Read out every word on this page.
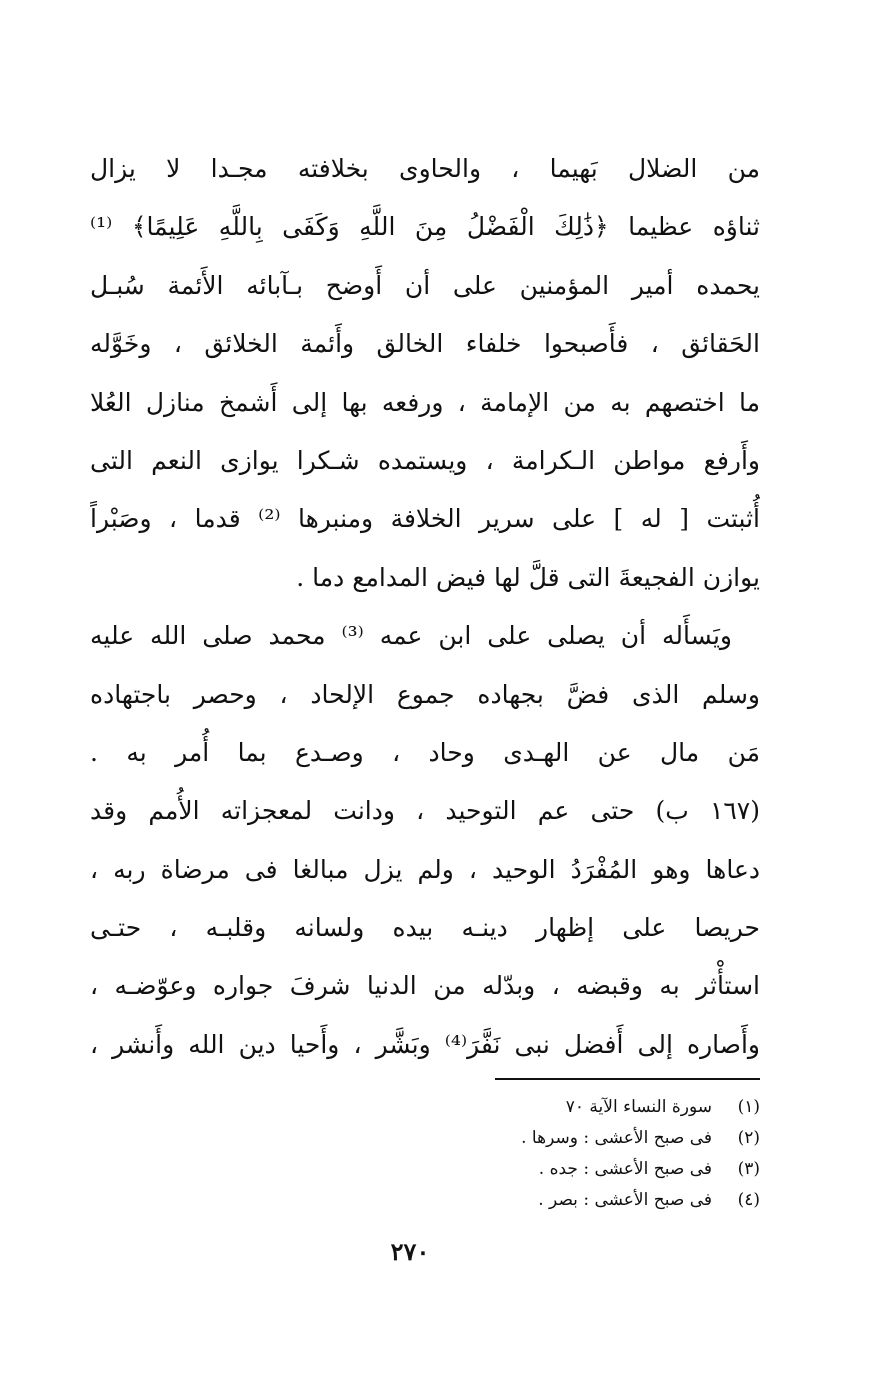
من الضلال بَهيما ، والحاوى بخلافته مجـدا لا يزال
ثناؤه عظيما ﴿ذَٰلِكَ الْفَضْلُ مِنَ اللَّهِ وَكَفَى بِاللَّهِ عَلِيمًا﴾ ⁽¹⁾
يحمده أمير المؤمنين على أن أَوضح بـآبائه الأَئمة سُبـل
الحَقائق ، فأَصبحوا خلفاء الخالق وأَئمة الخلائق ، وخَوَّله
ما اختصهم به من الإمامة ، ورفعه بها إلى أَشمخ منازل العُلا
وأَرفع مواطن الـكرامة ، ويستمده شـكرا يوازى النعم التى
أُثبتت [ له ] على سرير الخلافة ومنبرها ⁽²⁾ قدما ، وصَبْراً
يوازن الفجيعةَ التى قلَّ لها فيض المدامع دما .
ويَسأَله أن يصلى على ابن عمه ⁽³⁾ محمد صلى الله عليه
وسلم الذى فضَّ بجهاده جموع الإلحاد ، وحصر باجتهاده
مَن مال عن الهـدى وحاد ، وصـدع بما أُمر به .
(١٦٧ ب) حتى عم التوحيد ، ودانت لمعجزاته الأُمم وقد
دعاها وهو المُفْرَدُ الوحيد ، ولم يزل مبالغا فى مرضاة ربه ،
حريصا على إظهار دينـه بيده ولسانه وقلبـه ، حتـى
استأْثر به وقبضه ، وبدّله من الدنيا شرفَ جواره وعوّضـه ،
وأَصاره إلى أَفضل نبى نَفَّرَ⁽⁴⁾ وبَشَّر ، وأَحيا دين الله وأَنشر ،
(١)سورة النساء الآية ٧٠
(٢)فى صبح الأعشى : وسرها .
(٣)فى صبح الأعشى : جده .
(٤)فى صبح الأعشى : بصر .
٢٧٠
